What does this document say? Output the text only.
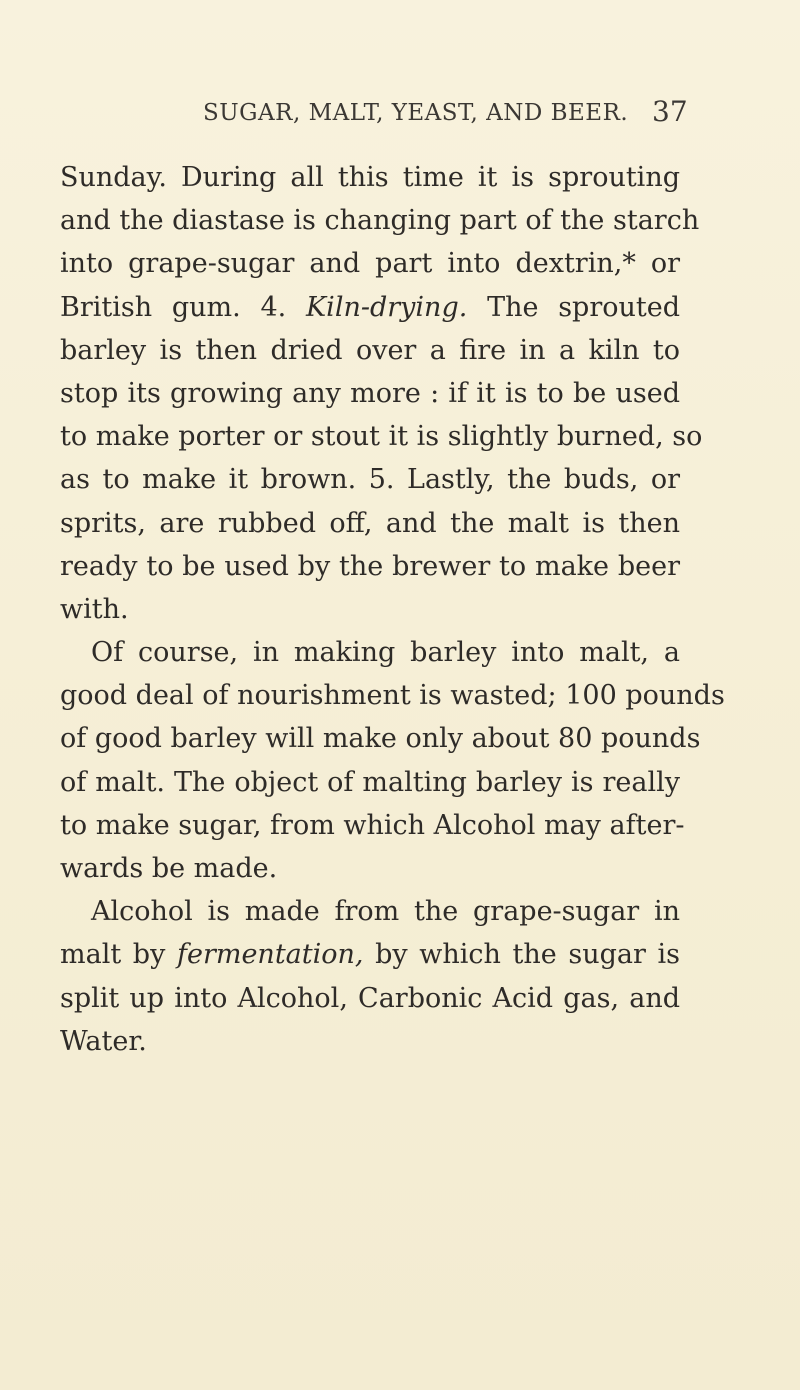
SUGAR, MALT, YEAST, AND BEER. 37
Sunday. During all this time it is sprouting
and the diastase is changing part of the starch
into grape-sugar and part into dextrin,* or
British gum. 4. Kiln-drying. The sprouted
barley is then dried over a fire in a kiln to
stop its growing any more : if it is to be used
to make porter or stout it is slightly burned, so
as to make it brown. 5. Lastly, the buds, or
sprits, are rubbed off, and the malt is then
ready to be used by the brewer to make beer
with.
Of course, in making barley into malt, a
good deal of nourishment is wasted; 100 pounds
of good barley will make only about 80 pounds
of malt. The object of malting barley is really
to make sugar, from which Alcohol may after-
wards be made.
Alcohol is made from the grape-sugar in
malt by fermentation, by which the sugar is
split up into Alcohol, Carbonic Acid gas, and
Water.
